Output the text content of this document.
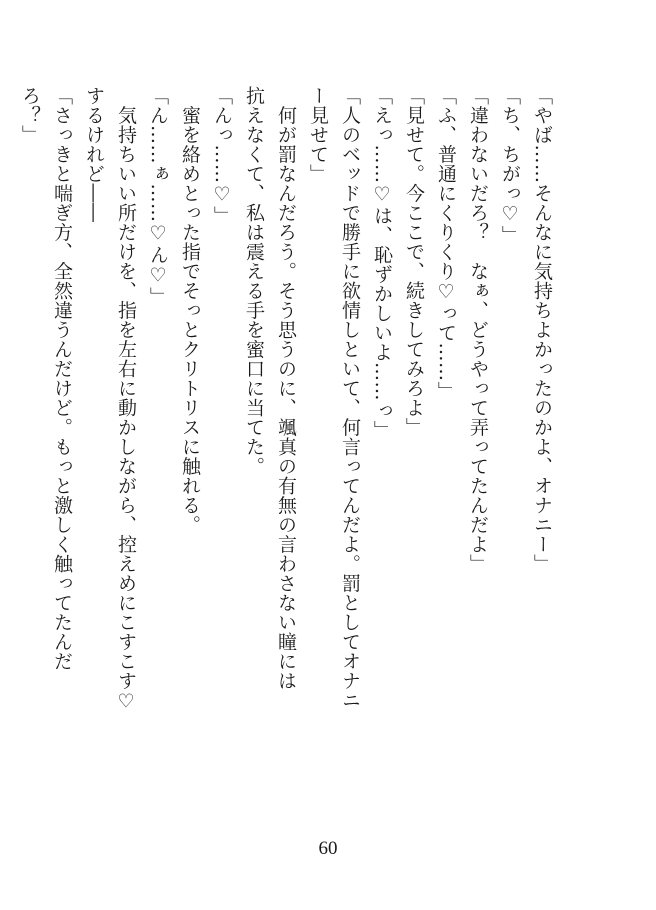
「やば……そんなに気持ちよかったのかよ、オナニー」
「ち、ちがっ♡」
「違わないだろ？　なぁ、どうやって弄ってたんだよ」
「ふ、普通にくりくり♡って……」
「見せて。今ここで、続きしてみろよ」
「えっ……♡は、恥ずかしいよ……っ」
「人のベッドで勝手に欲情しといて、何言ってんだよ。罰としてオナニ
ー見せて」
　何が罰なんだろう。そう思うのに、颯真の有無の言わさない瞳には
抗えなくて、私は震える手を蜜口に当てた。
「んっ……♡」
　蜜を絡めとった指でそっとクリトリスに触れる。
「ん……ぁ……♡ん♡」
　気持ちいい所だけを、指を左右に動かしながら、控えめにこすこす♡
するけれど――
「さっきと喘ぎ方、全然違うんだけど。もっと激しく触ってたんだ
ろ？」
60
